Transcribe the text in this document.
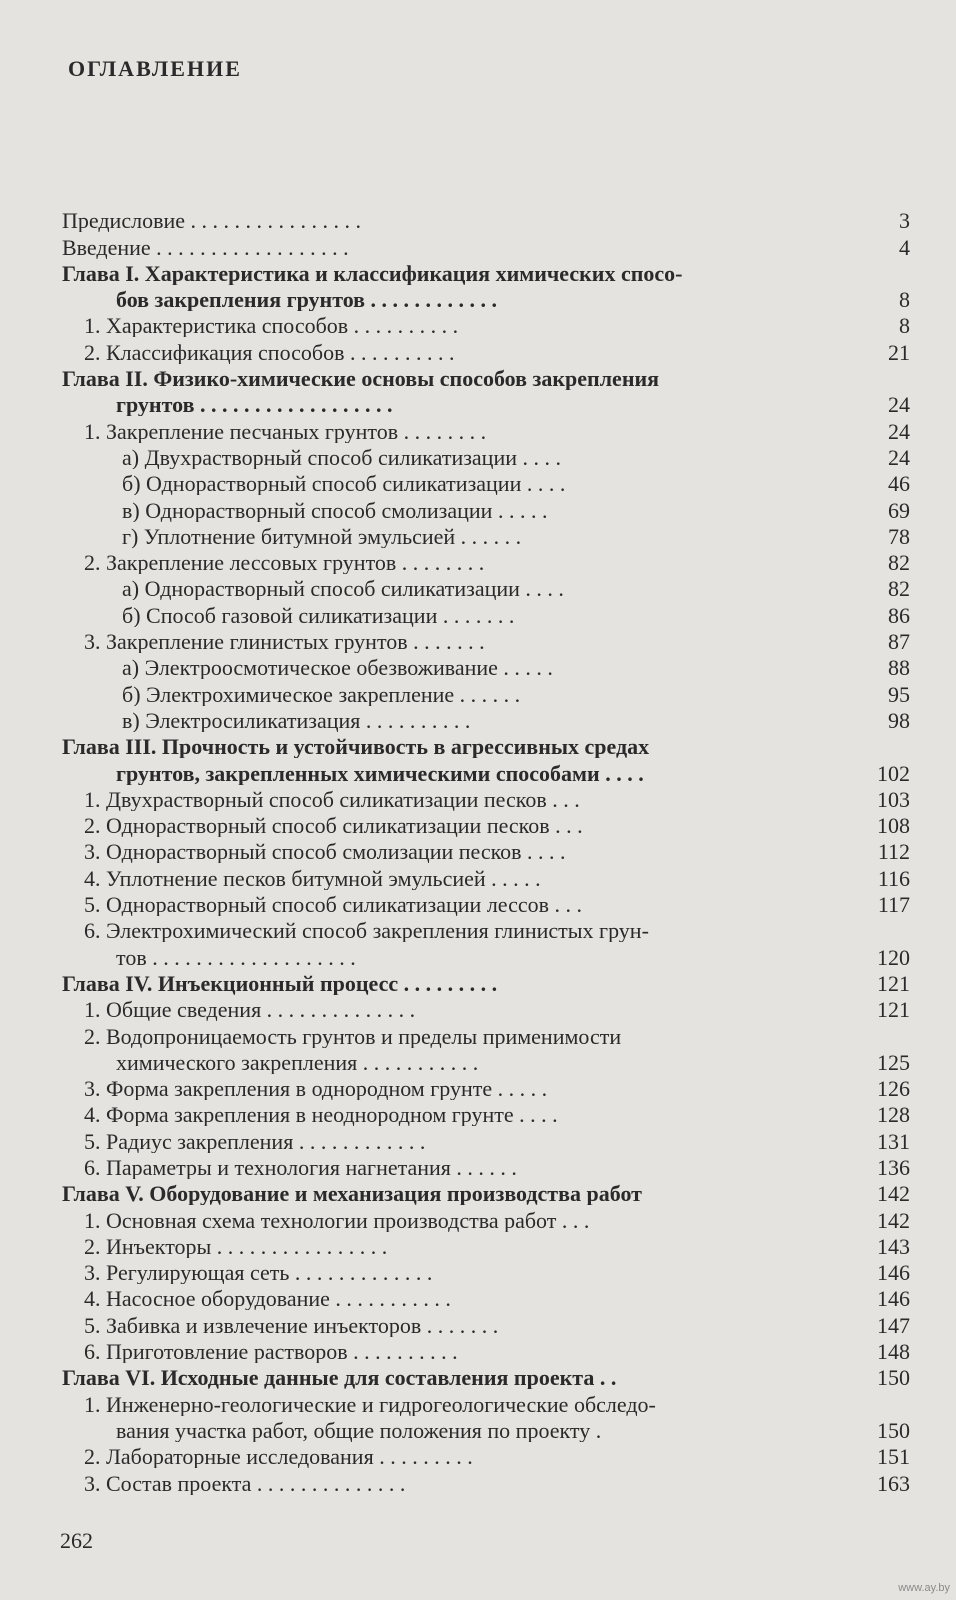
ОГЛАВЛЕНИЕ
Предисловие . . . . . . . . . . . . . . . .	3
Введение . . . . . . . . . . . . . . . . . .	4
Глава I. Характеристика и классификация химических спосо-
бов закрепления грунтов . . . . . . . . . . . .	8
1. Характеристика способов . . . . . . . . . .	8
2. Классификация способов . . . . . . . . . .	21
Глава II. Физико-химические основы способов закрепления
грунтов . . . . . . . . . . . . . . . . . .	24
1. Закрепление песчаных грунтов . . . . . . . .	24
а) Двухрастворный способ силикатизации . . . .	24
б) Однорастворный способ силикатизации . . . .	46
в) Однорастворный способ смолизации . . . . .	69
г) Уплотнение битумной эмульсией . . . . . .	78
2. Закрепление лессовых грунтов . . . . . . . .	82
а) Однорастворный способ силикатизации . . . .	82
б) Способ газовой силикатизации . . . . . . .	86
3. Закрепление глинистых грунтов . . . . . . .	87
а) Электроосмотическое обезвоживание . . . . .	88
б) Электрохимическое закрепление . . . . . .	95
в) Электросиликатизация . . . . . . . . . .	98
Глава III. Прочность и устойчивость в агрессивных средах
грунтов, закрепленных химическими способами . . . .	102
1. Двухрастворный способ силикатизации песков . . .	103
2. Однорастворный способ силикатизации песков . . .	108
3. Однорастворный способ смолизации песков . . . .	112
4. Уплотнение песков битумной эмульсией . . . . .	116
5. Однорастворный способ силикатизации лессов . . .	117
6. Электрохимический способ закрепления глинистых грун-
тов . . . . . . . . . . . . . . . . . . .	120
Глава IV. Инъекционный процесс . . . . . . . . .	121
1. Общие сведения . . . . . . . . . . . . . .	121
2. Водопроницаемость грунтов и пределы применимости
химического закрепления . . . . . . . . . . .	125
3. Форма закрепления в однородном грунте . . . . .	126
4. Форма закрепления в неоднородном грунте . . . .	128
5. Радиус закрепления . . . . . . . . . . . .	131
6. Параметры и технология нагнетания . . . . . .	136
Глава V. Оборудование и механизация производства работ	142
1. Основная схема технологии производства работ . . .	142
2. Инъекторы . . . . . . . . . . . . . . . .	143
3. Регулирующая сеть . . . . . . . . . . . . .	146
4. Насосное оборудование . . . . . . . . . . .	146
5. Забивка и извлечение инъекторов . . . . . . .	147
6. Приготовление растворов . . . . . . . . . .	148
Глава VI. Исходные данные для составления проекта . .	150
1. Инженерно-геологические и гидрогеологические обследо-
вания участка работ, общие положения по проекту .	150
2. Лабораторные исследования . . . . . . . . .	151
3. Состав проекта . . . . . . . . . . . . . .	163
262
www.ay.by
